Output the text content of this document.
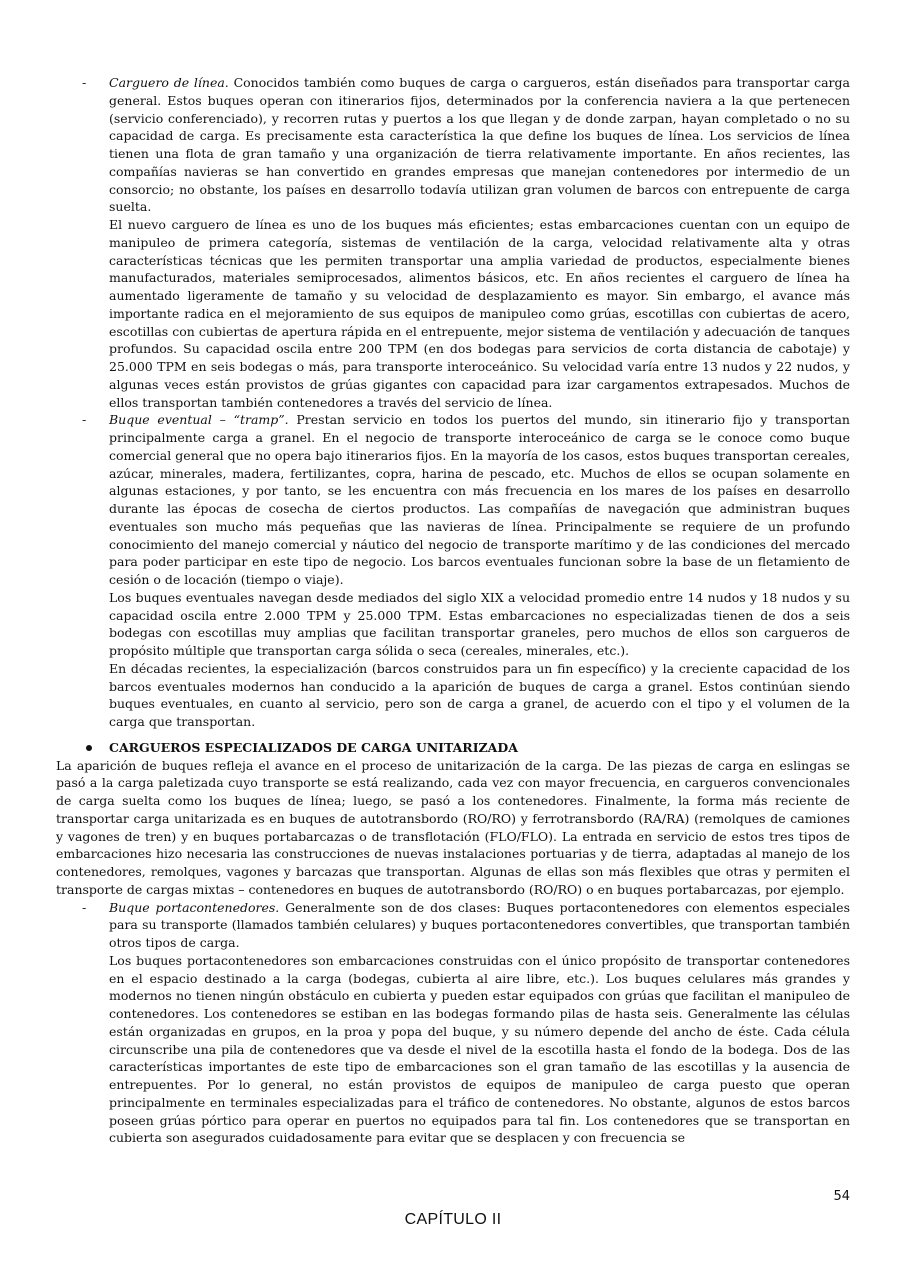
- Carguero de línea. Conocidos también como buques de carga o cargueros, están diseñados para transportar carga general. Estos buques operan con itinerarios fijos, determinados por la conferencia naviera a la que pertenecen (servicio conferenciado), y recorren rutas y puertos a los que llegan y de donde zarpan, hayan completado o no su capacidad de carga. Es precisamente esta característica la que define los buques de línea. Los servicios de línea tienen una flota de gran tamaño y una organización de tierra relativamente importante. En años recientes, las compañías navieras se han convertido en grandes empresas que manejan contenedores por intermedio de un consorcio; no obstante, los países en desarrollo todavía utilizan gran volumen de barcos con entrepuente de carga suelta.

El nuevo carguero de línea es uno de los buques más eficientes; estas embarcaciones cuentan con un equipo de manipuleo de primera categoría, sistemas de ventilación de la carga, velocidad relativamente alta y otras características técnicas que les permiten transportar una amplia variedad de productos, especialmente bienes manufacturados, materiales semiprocesados, alimentos básicos, etc. En años recientes el carguero de línea ha aumentado ligeramente de tamaño y su velocidad de desplazamiento es mayor. Sin embargo, el avance más importante radica en el mejoramiento de sus equipos de manipuleo como grúas, escotillas con cubiertas de acero, escotillas con cubiertas de apertura rápida en el entrepuente, mejor sistema de ventilación y adecuación de tanques profundos. Su capacidad oscila entre 200 TPM (en dos bodegas para servicios de corta distancia de cabotaje) y 25.000 TPM en seis bodegas o más, para transporte interoceánico. Su velocidad varía entre 13 nudos y 22 nudos, y algunas veces están provistos de grúas gigantes con capacidad para izar cargamentos extrapesados. Muchos de ellos transportan también contenedores a través del servicio de línea.

- Buque eventual – “tramp”. Prestan servicio en todos los puertos del mundo, sin itinerario fijo y transportan principalmente carga a granel. En el negocio de transporte interoceánico de carga se le conoce como buque comercial general que no opera bajo itinerarios fijos. En la mayoría de los casos, estos buques transportan cereales, azúcar, minerales, madera, fertilizantes, copra, harina de pescado, etc. Muchos de ellos se ocupan solamente en algunas estaciones, y por tanto, se les encuentra con más frecuencia en los mares de los países en desarrollo durante las épocas de cosecha de ciertos productos. Las compañías de navegación que administran buques eventuales son mucho más pequeñas que las navieras de línea. Principalmente se requiere de un profundo conocimiento del manejo comercial y náutico del negocio de transporte marítimo y de las condiciones del mercado para poder participar en este tipo de negocio. Los barcos eventuales funcionan sobre la base de un fletamiento de cesión o de locación (tiempo o viaje).

Los buques eventuales navegan desde mediados del siglo XIX a velocidad promedio entre 14 nudos y 18 nudos y su capacidad oscila entre 2.000 TPM y 25.000 TPM. Estas embarcaciones no especializadas tienen de dos a seis bodegas con escotillas muy amplias que facilitan transportar graneles, pero muchos de ellos son cargueros de propósito múltiple que transportan carga sólida o seca (cereales, minerales, etc.).

En décadas recientes, la especialización (barcos construidos para un fin específico) y la creciente capacidad de los barcos eventuales modernos han conducido a la aparición de buques de carga a granel. Estos continúan siendo buques eventuales, en cuanto al servicio, pero son de carga a granel, de acuerdo con el tipo y el volumen de la carga que transportan.

CARGUEROS ESPECIALIZADOS DE CARGA UNITARIZADA

La aparición de buques refleja el avance en el proceso de unitarización de la carga. De las piezas de carga en eslingas se pasó a la carga paletizada cuyo transporte se está realizando, cada vez con mayor frecuencia, en cargueros convencionales de carga suelta como los buques de línea; luego, se pasó a los contenedores. Finalmente, la forma más reciente de transportar carga unitarizada es en buques de autotransbordo (RO/RO) y ferrotransbordo (RA/RA) (remolques de camiones y vagones de tren) y en buques portabarcazas o de transflotación (FLO/FLO). La entrada en servicio de estos tres tipos de embarcaciones hizo necesaria las construcciones de nuevas instalaciones portuarias y de tierra, adaptadas al manejo de los contenedores, remolques, vagones y barcazas que transportan. Algunas de ellas son más flexibles que otras y permiten el transporte de cargas mixtas – contenedores en buques de autotransbordo (RO/RO) o en buques portabarcazas, por ejemplo.

- Buque portacontenedores. Generalmente son de dos clases: Buques portacontenedores con elementos especiales para su transporte (llamados también celulares) y buques portacontenedores convertibles, que transportan también otros tipos de carga.

Los buques portacontenedores son embarcaciones construidas con el único propósito de transportar contenedores en el espacio destinado a la carga (bodegas, cubierta al aire libre, etc.). Los buques celulares más grandes y modernos no tienen ningún obstáculo en cubierta y pueden estar equipados con grúas que facilitan el manipuleo de contenedores. Los contenedores se estiban en las bodegas formando pilas de hasta seis. Generalmente las células están organizadas en grupos, en la proa y popa del buque, y su número depende del ancho de éste. Cada célula circunscribe una pila de contenedores que va desde el nivel de la escotilla hasta el fondo de la bodega. Dos de las características importantes de este tipo de embarcaciones son el gran tamaño de las escotillas y la ausencia de entrepuentes. Por lo general, no están provistos de equipos de manipuleo de carga puesto que operan principalmente en terminales especializadas para el tráfico de contenedores. No obstante, algunos de estos barcos poseen grúas pórtico para operar en puertos no equipados para tal fin. Los contenedores que se transportan en cubierta son asegurados cuidadosamente para evitar que se desplacen y con frecuencia se

54
CAPÍTULO II
